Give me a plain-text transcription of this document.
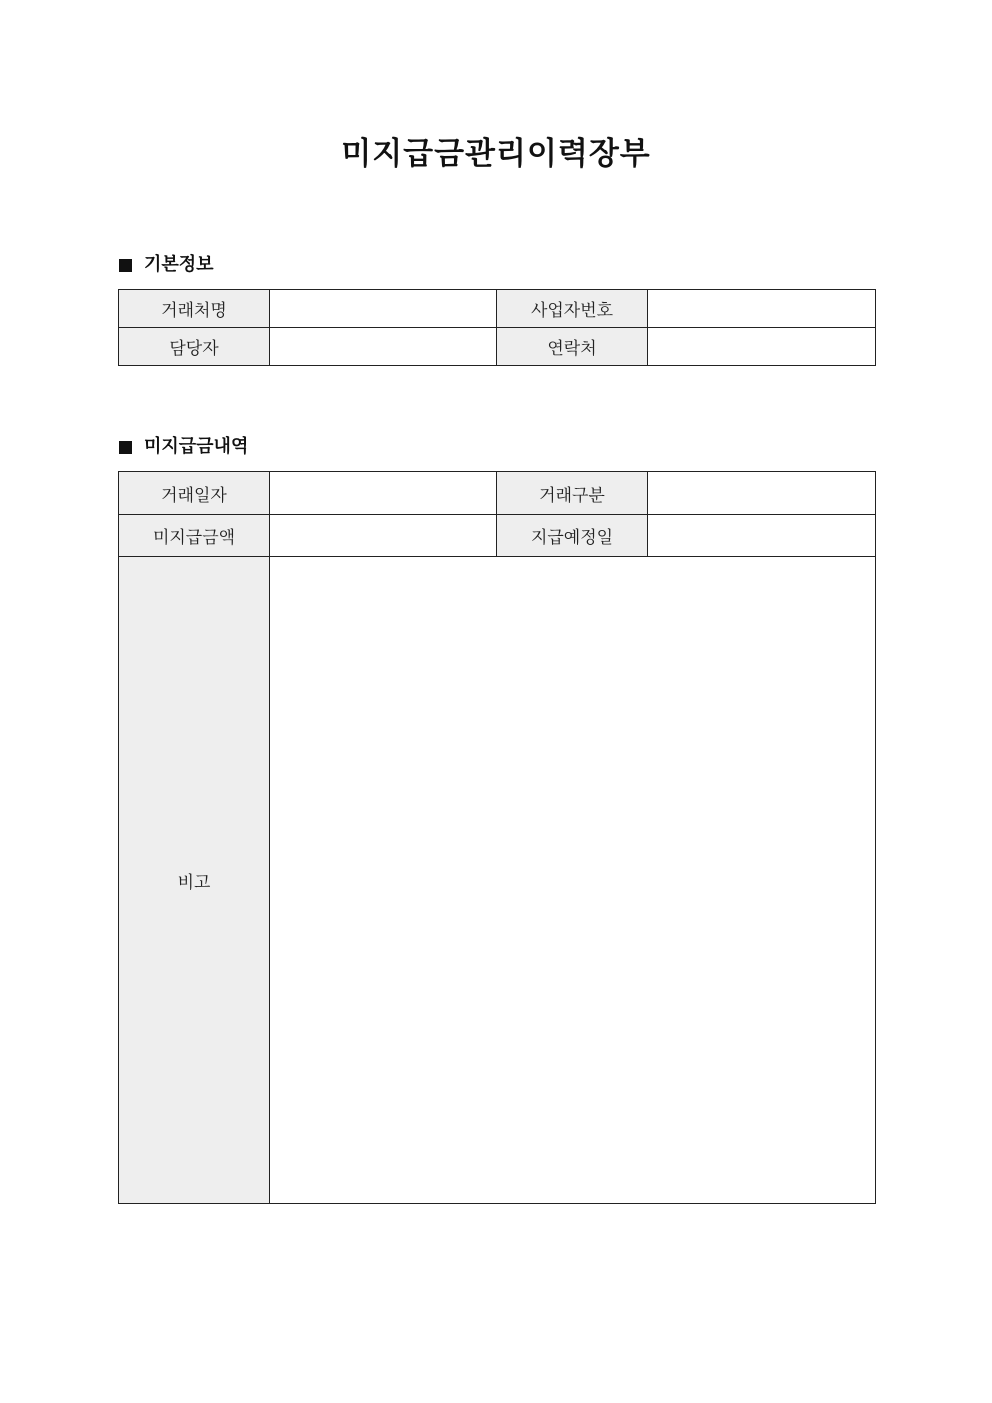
미지급금관리이력장부
기본정보
거래처명		사업자번호	
담당자		연락처	
미지급금내역
거래일자		거래구분	
미지급금액		지급예정일	
비고			
